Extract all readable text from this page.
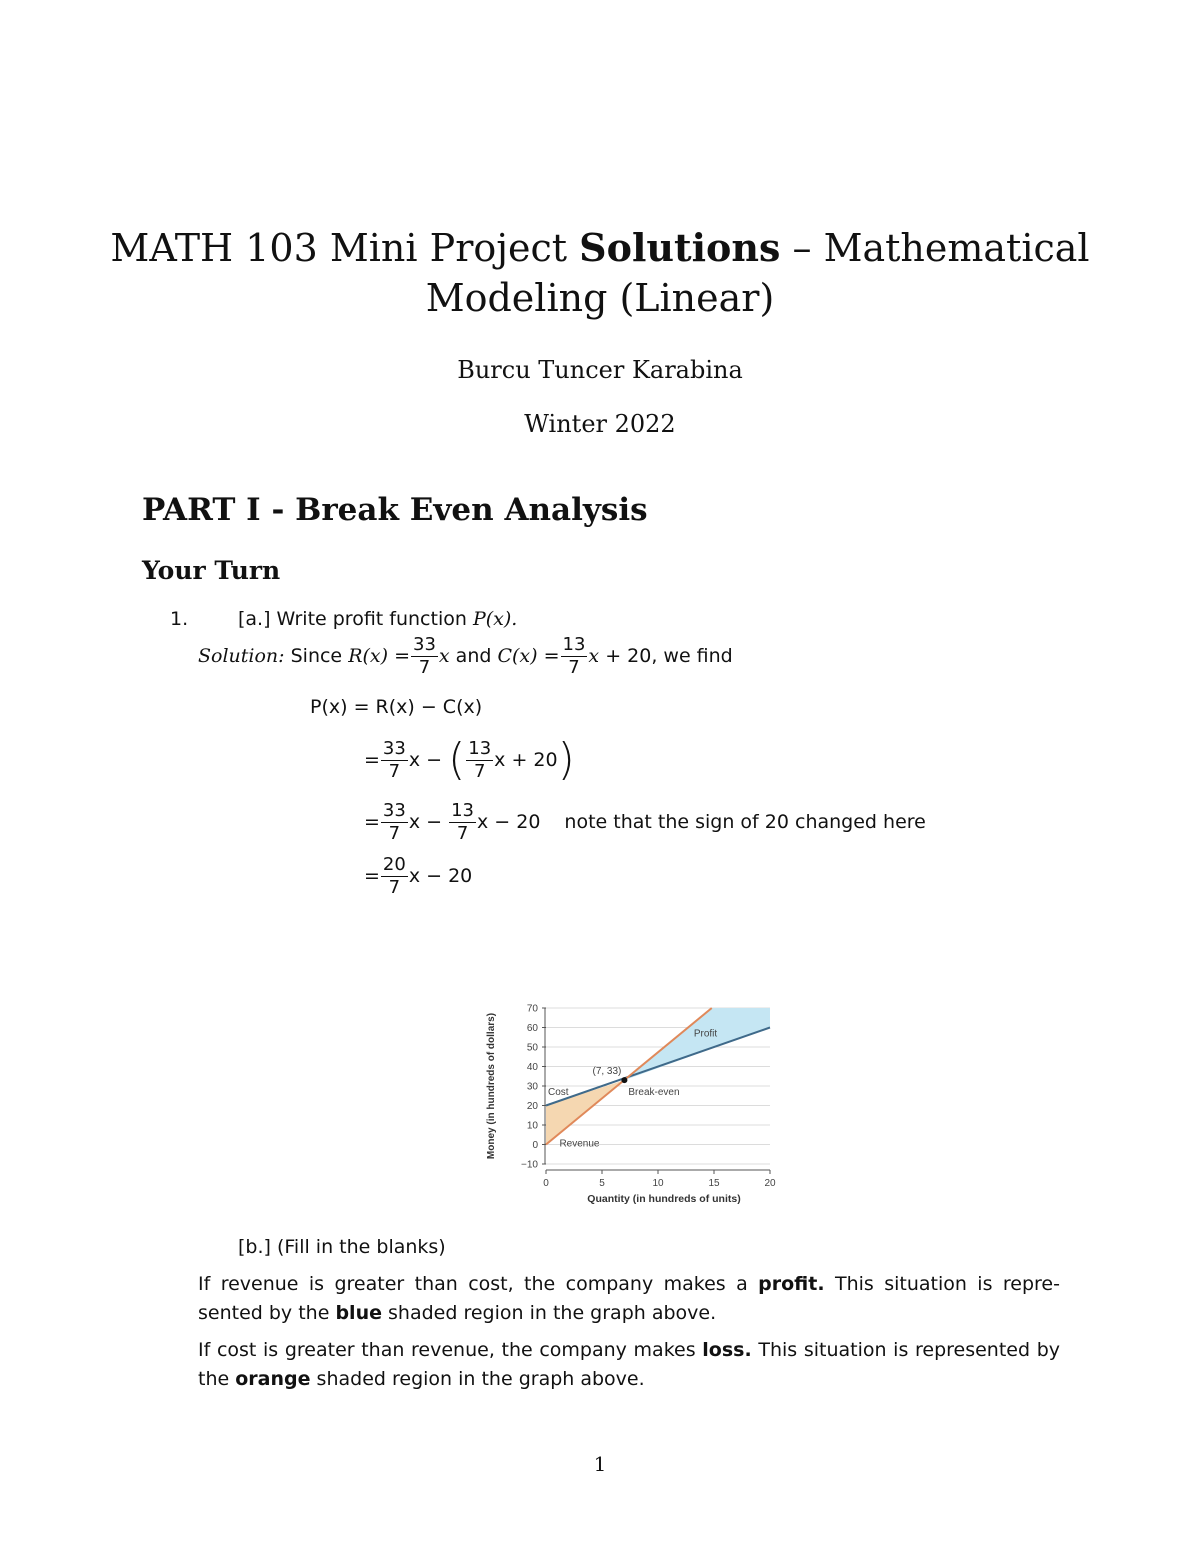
MATH 103 Mini Project Solutions – Mathematical
Modeling (Linear)
Burcu Tuncer Karabina
Winter 2022
PART I - Break Even Analysis
Your Turn
1.	[a.] Write profit function P(x).
Solution:
Since
$R(x) = \frac{33}{7}$ x
and
$C(x) = \frac{13}{7}$ x
+ 20, we find
P(x) = R(x) − C(x)
= $\frac{33}{7}$ x −
( $\frac{13}{7}$ x + 20 )
= $\frac{33}{7}$ x −
$\frac{13}{7}$ x − 20 note that the sign of 20 changed here
= $\frac{20}{7}$ x − 20
−10
0
10
20
30
40
50
60
70
0	5	10	15	20
(7, 33)
Break-even
Cost
Revenue
Profit
Quantity (in hundreds of units)
Money (in hundreds of dollars)
[b.] (Fill in the blanks)
If revenue is greater than cost, the company makes a profit. This situation is repre-sented by the blue shaded region in the graph above.
If cost is greater than revenue, the company makes loss. This situation is represented by the orange shaded region in the graph above.
1
